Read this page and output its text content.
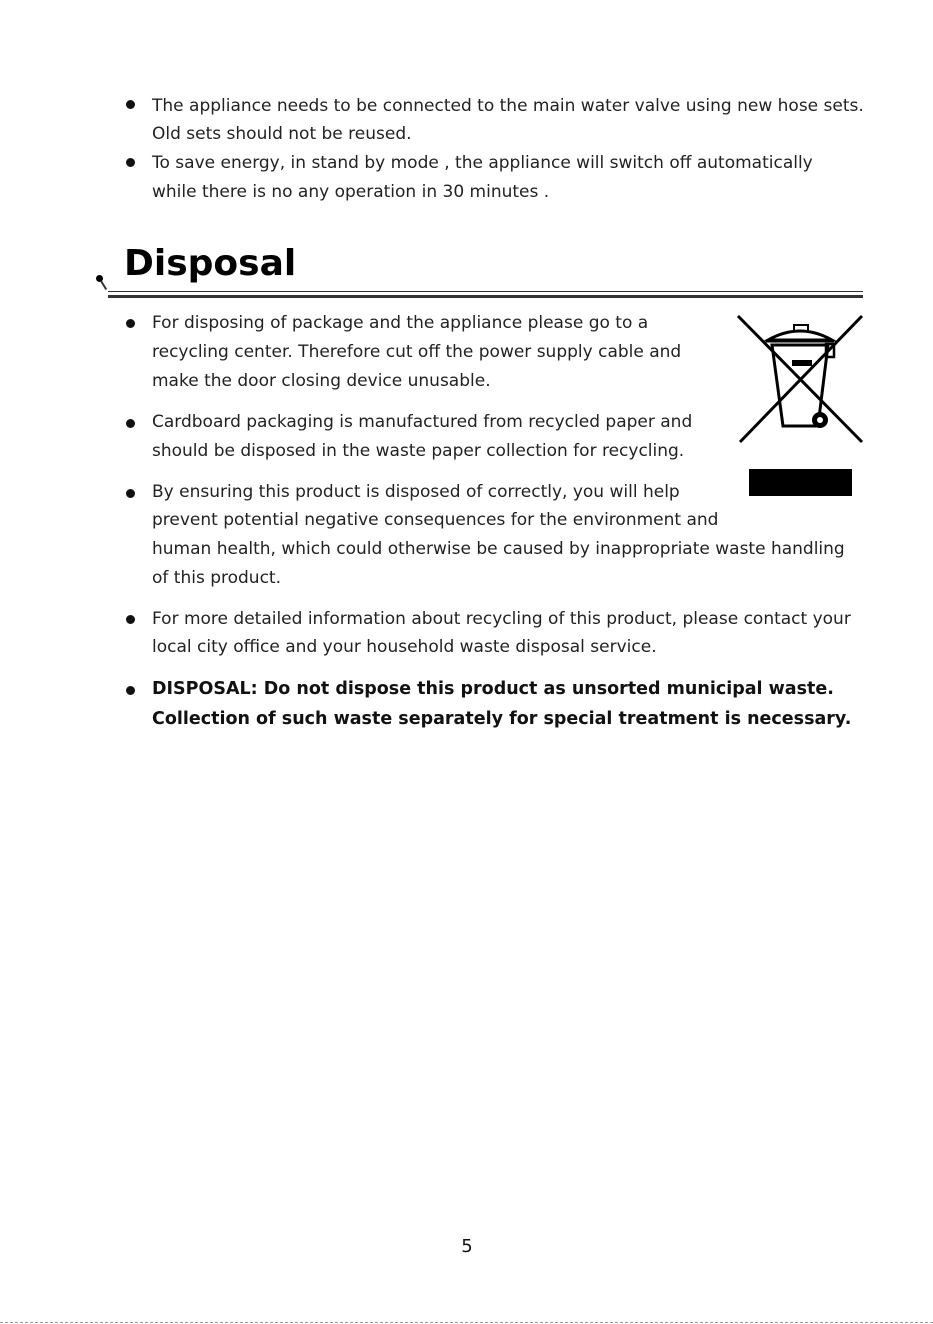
The appliance needs to be connected to the main water valve using new hose sets.
Old sets should not be reused.
To save energy, in stand by mode , the appliance will switch off automatically
while there is no any operation in 30 minutes .
Disposal
For disposing of package and the appliance please go to a
recycling center. Therefore cut off the power supply cable and
make the door closing device unusable.
Cardboard packaging is manufactured from recycled paper and
should be disposed in the waste paper collection for recycling.
By ensuring this product is disposed of correctly, you will help
prevent potential negative consequences for the environment and
human health, which could otherwise be caused by inappropriate waste handling
of this product.
For more detailed information about recycling of this product, please contact your
local city office and your household waste disposal service.
DISPOSAL: Do not dispose this product as unsorted municipal waste.
Collection of such waste separately for special treatment is necessary.
5
